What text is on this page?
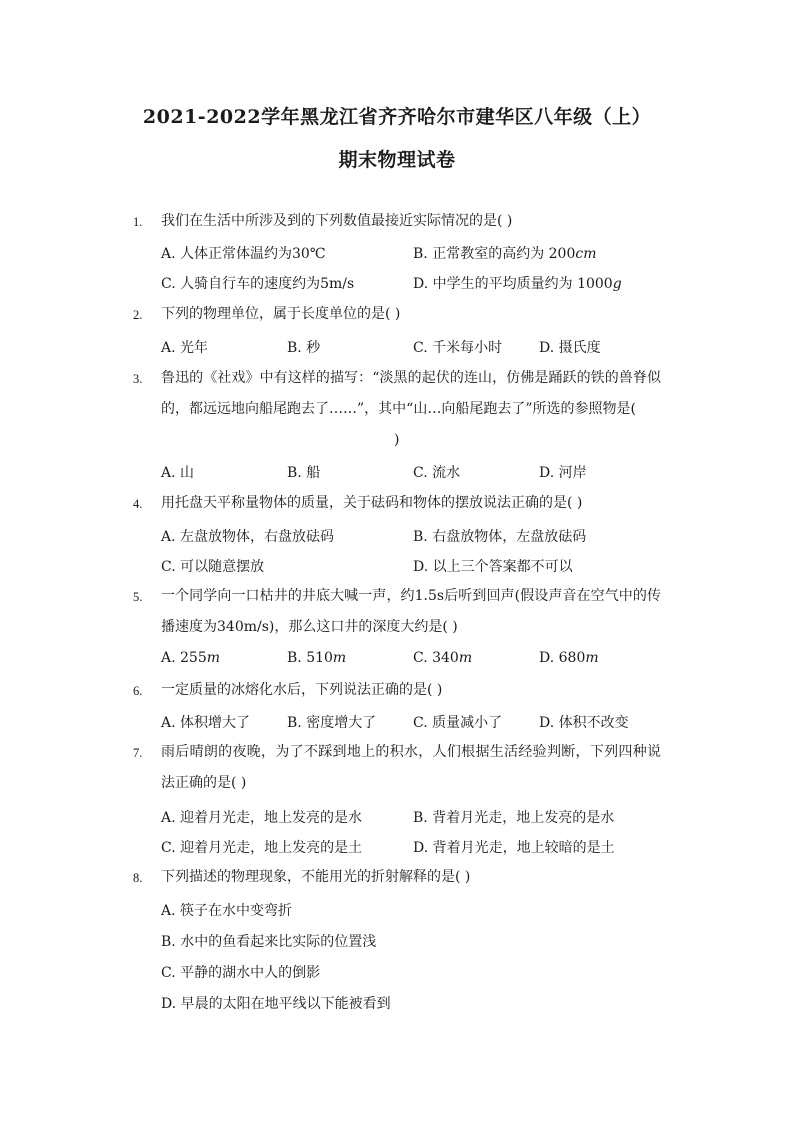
2021-2022学年黑龙江省齐齐哈尔市建华区八年级（上）
期末物理试卷
1. 我们在生活中所涉及到的下列数值最接近实际情况的是( )
A. 人体正常体温约为30℃	B. 正常教室的高约为 200cm
C. 人骑自行车的速度约为5m/s	D. 中学生的平均质量约为 1000g
2. 下列的物理单位，属于长度单位的是( )
A. 光年	B. 秒	C. 千米每小时	D. 摄氏度
3. 鲁迅的《社戏》中有这样的描写：“淡黑的起伏的连山，仿佛是踊跃的铁的兽脊似的，都远远地向船尾跑去了……”，其中“山…向船尾跑去了”所选的参照物是(
)
A. 山	B. 船	C. 流水	D. 河岸
4. 用托盘天平称量物体的质量，关于砝码和物体的摆放说法正确的是( )
A. 左盘放物体，右盘放砝码	B. 右盘放物体，左盘放砝码
C. 可以随意摆放	D. 以上三个答案都不可以
5. 一个同学向一口枯井的井底大喊一声，约1.5s后听到回声(假设声音在空气中的传播速度为340m/s)，那么这口井的深度大约是( )
A. 255m	B. 510m	C. 340m	D. 680m
6. 一定质量的冰熔化水后，下列说法正确的是( )
A. 体积增大了	B. 密度增大了	C. 质量减小了	D. 体积不改变
7. 雨后晴朗的夜晚，为了不踩到地上的积水，人们根据生活经验判断，下列四种说法正确的是( )
A. 迎着月光走，地上发亮的是水	B. 背着月光走，地上发亮的是水
C. 迎着月光走，地上发亮的是土	D. 背着月光走，地上较暗的是土
8. 下列描述的物理现象，不能用光的折射解释的是( )
A. 筷子在水中变弯折
B. 水中的鱼看起来比实际的位置浅
C. 平静的湖水中人的倒影
D. 早晨的太阳在地平线以下能被看到
